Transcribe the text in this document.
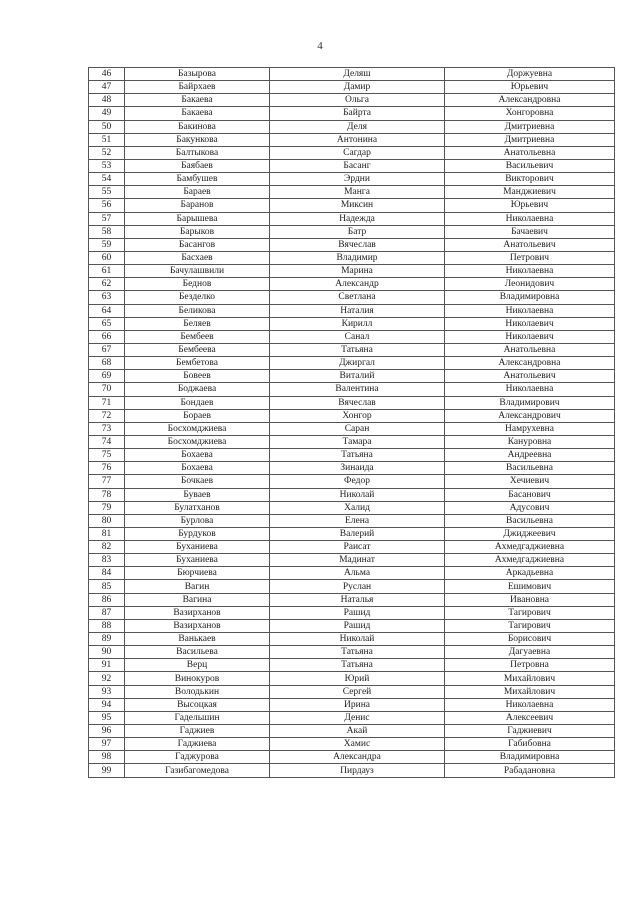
4
46	Базырова	Деляш	Доржуевна
47	Байрхаев	Дамир	Юрьевич
48	Бакаева	Ольга	Александровна
49	Бакаева	Байрта	Хонгоровна
50	Бакинова	Деля	Дмитриевна
51	Бакункова	Антонина	Дмитриевна
52	Балтыкова	Сагдар	Анатольевна
53	Баябаев	Басанг	Васильевич
54	Бамбушев	Эрдни	Викторович
55	Бараев	Манга	Манджиевич
56	Баранов	Миксин	Юрьевич
57	Барышева	Надежда	Николаевна
58	Барыков	Батр	Бачаевич
59	Басангов	Вячеслав	Анатольевич
60	Басхаев	Владимир	Петрович
61	Бачулашвили	Марина	Николаевна
62	Беднов	Александр	Леонидович
63	Безделко	Светлана	Владимировна
64	Беликова	Наталия	Николаевна
65	Беляев	Кирилл	Николаевич
66	Бембеев	Санал	Николаевич
67	Бембеева	Татьяна	Анатольевна
68	Бембетова	Джиргал	Александровна
69	Бовеев	Виталий	Анатольевич
70	Боджаева	Валентина	Николаевна
71	Бондаев	Вячеслав	Владимирович
72	Бораев	Хонгор	Александрович
73	Босхомджиева	Саран	Намрухевна
74	Босхомджиева	Тамара	Кануровна
75	Бохаева	Татьяна	Андреевна
76	Бохаева	Зинаида	Васильевна
77	Бочкаев	Федор	Хечиевич
78	Буваев	Николай	Басанович
79	Булатханов	Халид	Адусович
80	Бурлова	Елена	Васильевна
81	Бурдуков	Валерий	Джиджеевич
82	Буханиева	Раисат	Ахмедгаджиевна
83	Буханиева	Мадинат	Ахмедгаджиевна
84	Бюрчиева	Альма	Аркадьевна
85	Вагин	Руслан	Ешимович
86	Вагина	Наталья	Ивановна
87	Вазирханов	Рашид	Тагирович
88	Вазирханов	Рашид	Тагирович
89	Ванькаев	Николай	Борисович
90	Васильева	Татьяна	Дагуаевна
91	Верц	Татьяна	Петровна
92	Винокуров	Юрий	Михайлович
93	Володькин	Сергей	Михайлович
94	Высоцкая	Ирина	Николаевна
95	Гадельшин	Денис	Алексеевич
96	Гаджиев	Акай	Гаджиевич
97	Гаджиева	Хамис	Габибовна
98	Гаджурова	Александра	Владимировна
99	Газибагомедова	Пирдауз	Рабадановна
